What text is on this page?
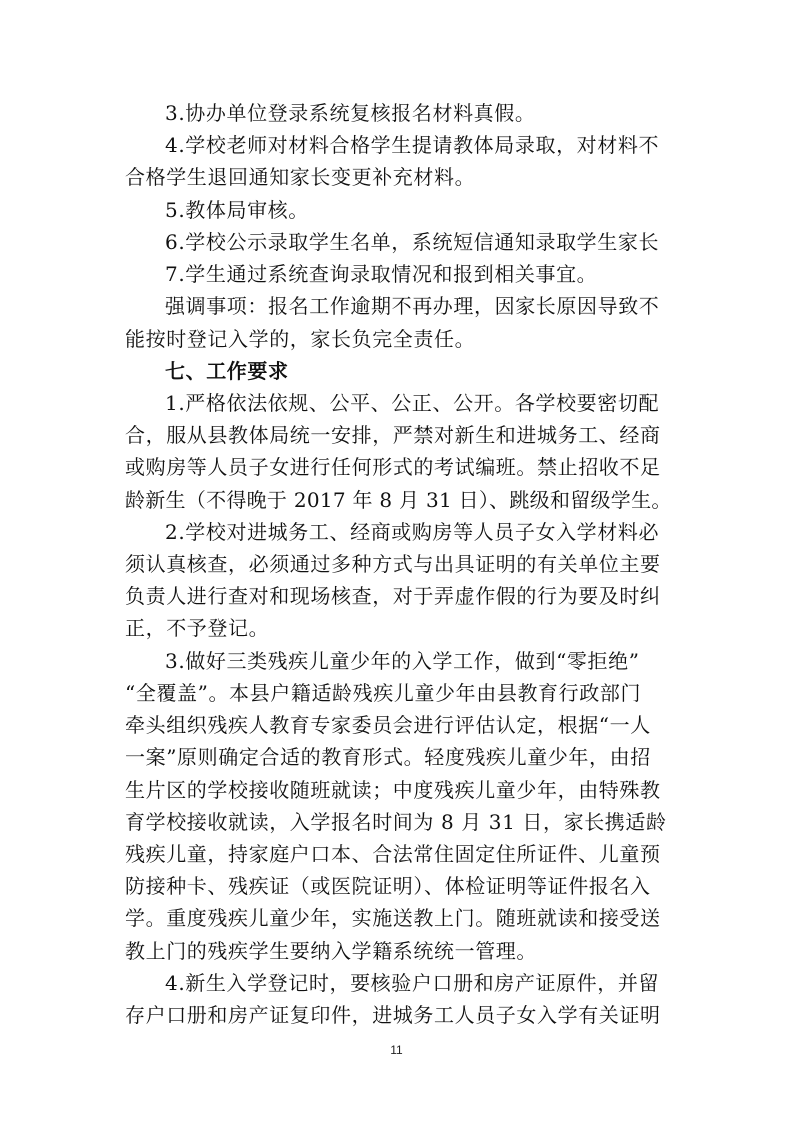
3.协办单位登录系统复核报名材料真假。
4.学校老师对材料合格学生提请教体局录取，对材料不
合格学生退回通知家长变更补充材料。
5.教体局审核。
6.学校公示录取学生名单，系统短信通知录取学生家长
7.学生通过系统查询录取情况和报到相关事宜。
强调事项：报名工作逾期不再办理，因家长原因导致不
能按时登记入学的，家长负完全责任。
七、工作要求
1.严格依法依规、公平、公正、公开。各学校要密切配
合，服从县教体局统一安排，严禁对新生和进城务工、经商
或购房等人员子女进行任何形式的考试编班。禁止招收不足
龄新生（不得晚于 2017 年 8 月 31 日）、跳级和留级学生。
2.学校对进城务工、经商或购房等人员子女入学材料必
须认真核查，必须通过多种方式与出具证明的有关单位主要
负责人进行查对和现场核查，对于弄虚作假的行为要及时纠
正，不予登记。
3.做好三类残疾儿童少年的入学工作，做到“零拒绝”
“全覆盖”。本县户籍适龄残疾儿童少年由县教育行政部门
牵头组织残疾人教育专家委员会进行评估认定，根据“一人
一案”原则确定合适的教育形式。轻度残疾儿童少年，由招
生片区的学校接收随班就读；中度残疾儿童少年，由特殊教
育学校接收就读，入学报名时间为 8 月 31 日，家长携适龄
残疾儿童，持家庭户口本、合法常住固定住所证件、儿童预
防接种卡、残疾证（或医院证明）、体检证明等证件报名入
学。重度残疾儿童少年，实施送教上门。随班就读和接受送
教上门的残疾学生要纳入学籍系统统一管理。
4.新生入学登记时，要核验户口册和房产证原件，并留
存户口册和房产证复印件，进城务工人员子女入学有关证明
11
